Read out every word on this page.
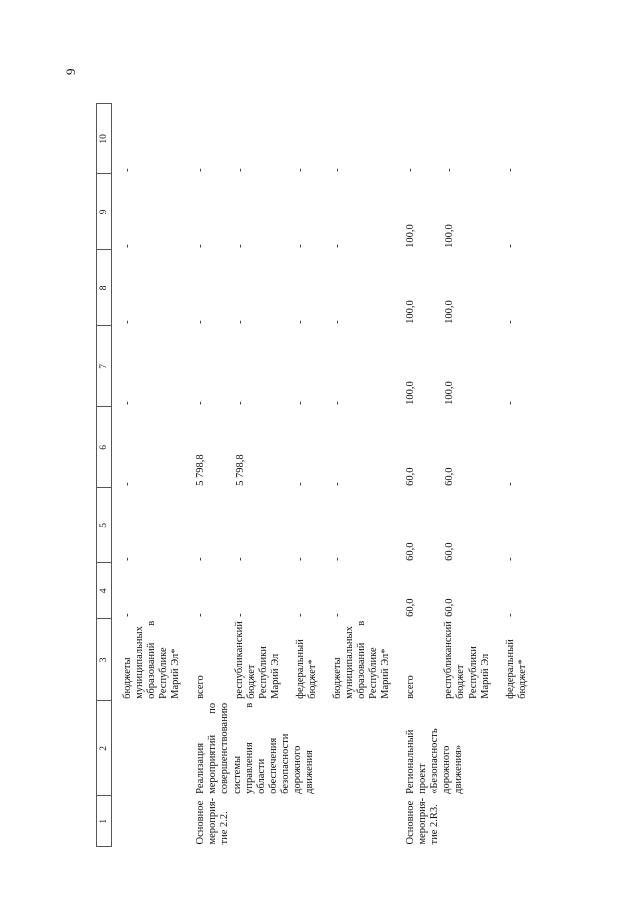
9
1	2	3	4	5	6	7	8	9	10
		бюджеты муниципальных образований в Республике Марий Эл*	-	-	-	-	-	-	-
Основное мероприя-тие 2.2.	Реализация мероприятий по совершенствованию системы управления в области обеспечения безопасности дорожного движения	всего	-	-	5 798,8	-	-	-	-
		республиканский бюджет Республики Марий Эл	-	-	5 798,8	-	-	-	-
		федеральный бюджет*	-	-	-	-	-	-	-
		бюджеты муниципальных образований в Республике Марий Эл*	-	-	-	-	-	-	-
Основное мероприя-тие 2.R3.	Региональный проект «Безопасность дорожного движения»	всего	60,0	60,0	60,0	100,0	100,0	100,0	-
		республиканский бюджет Республики Марий Эл	60,0	60,0	60,0	100,0	100,0	100,0	-
		федеральный бюджет*	-	-	-	-	-	-	-
